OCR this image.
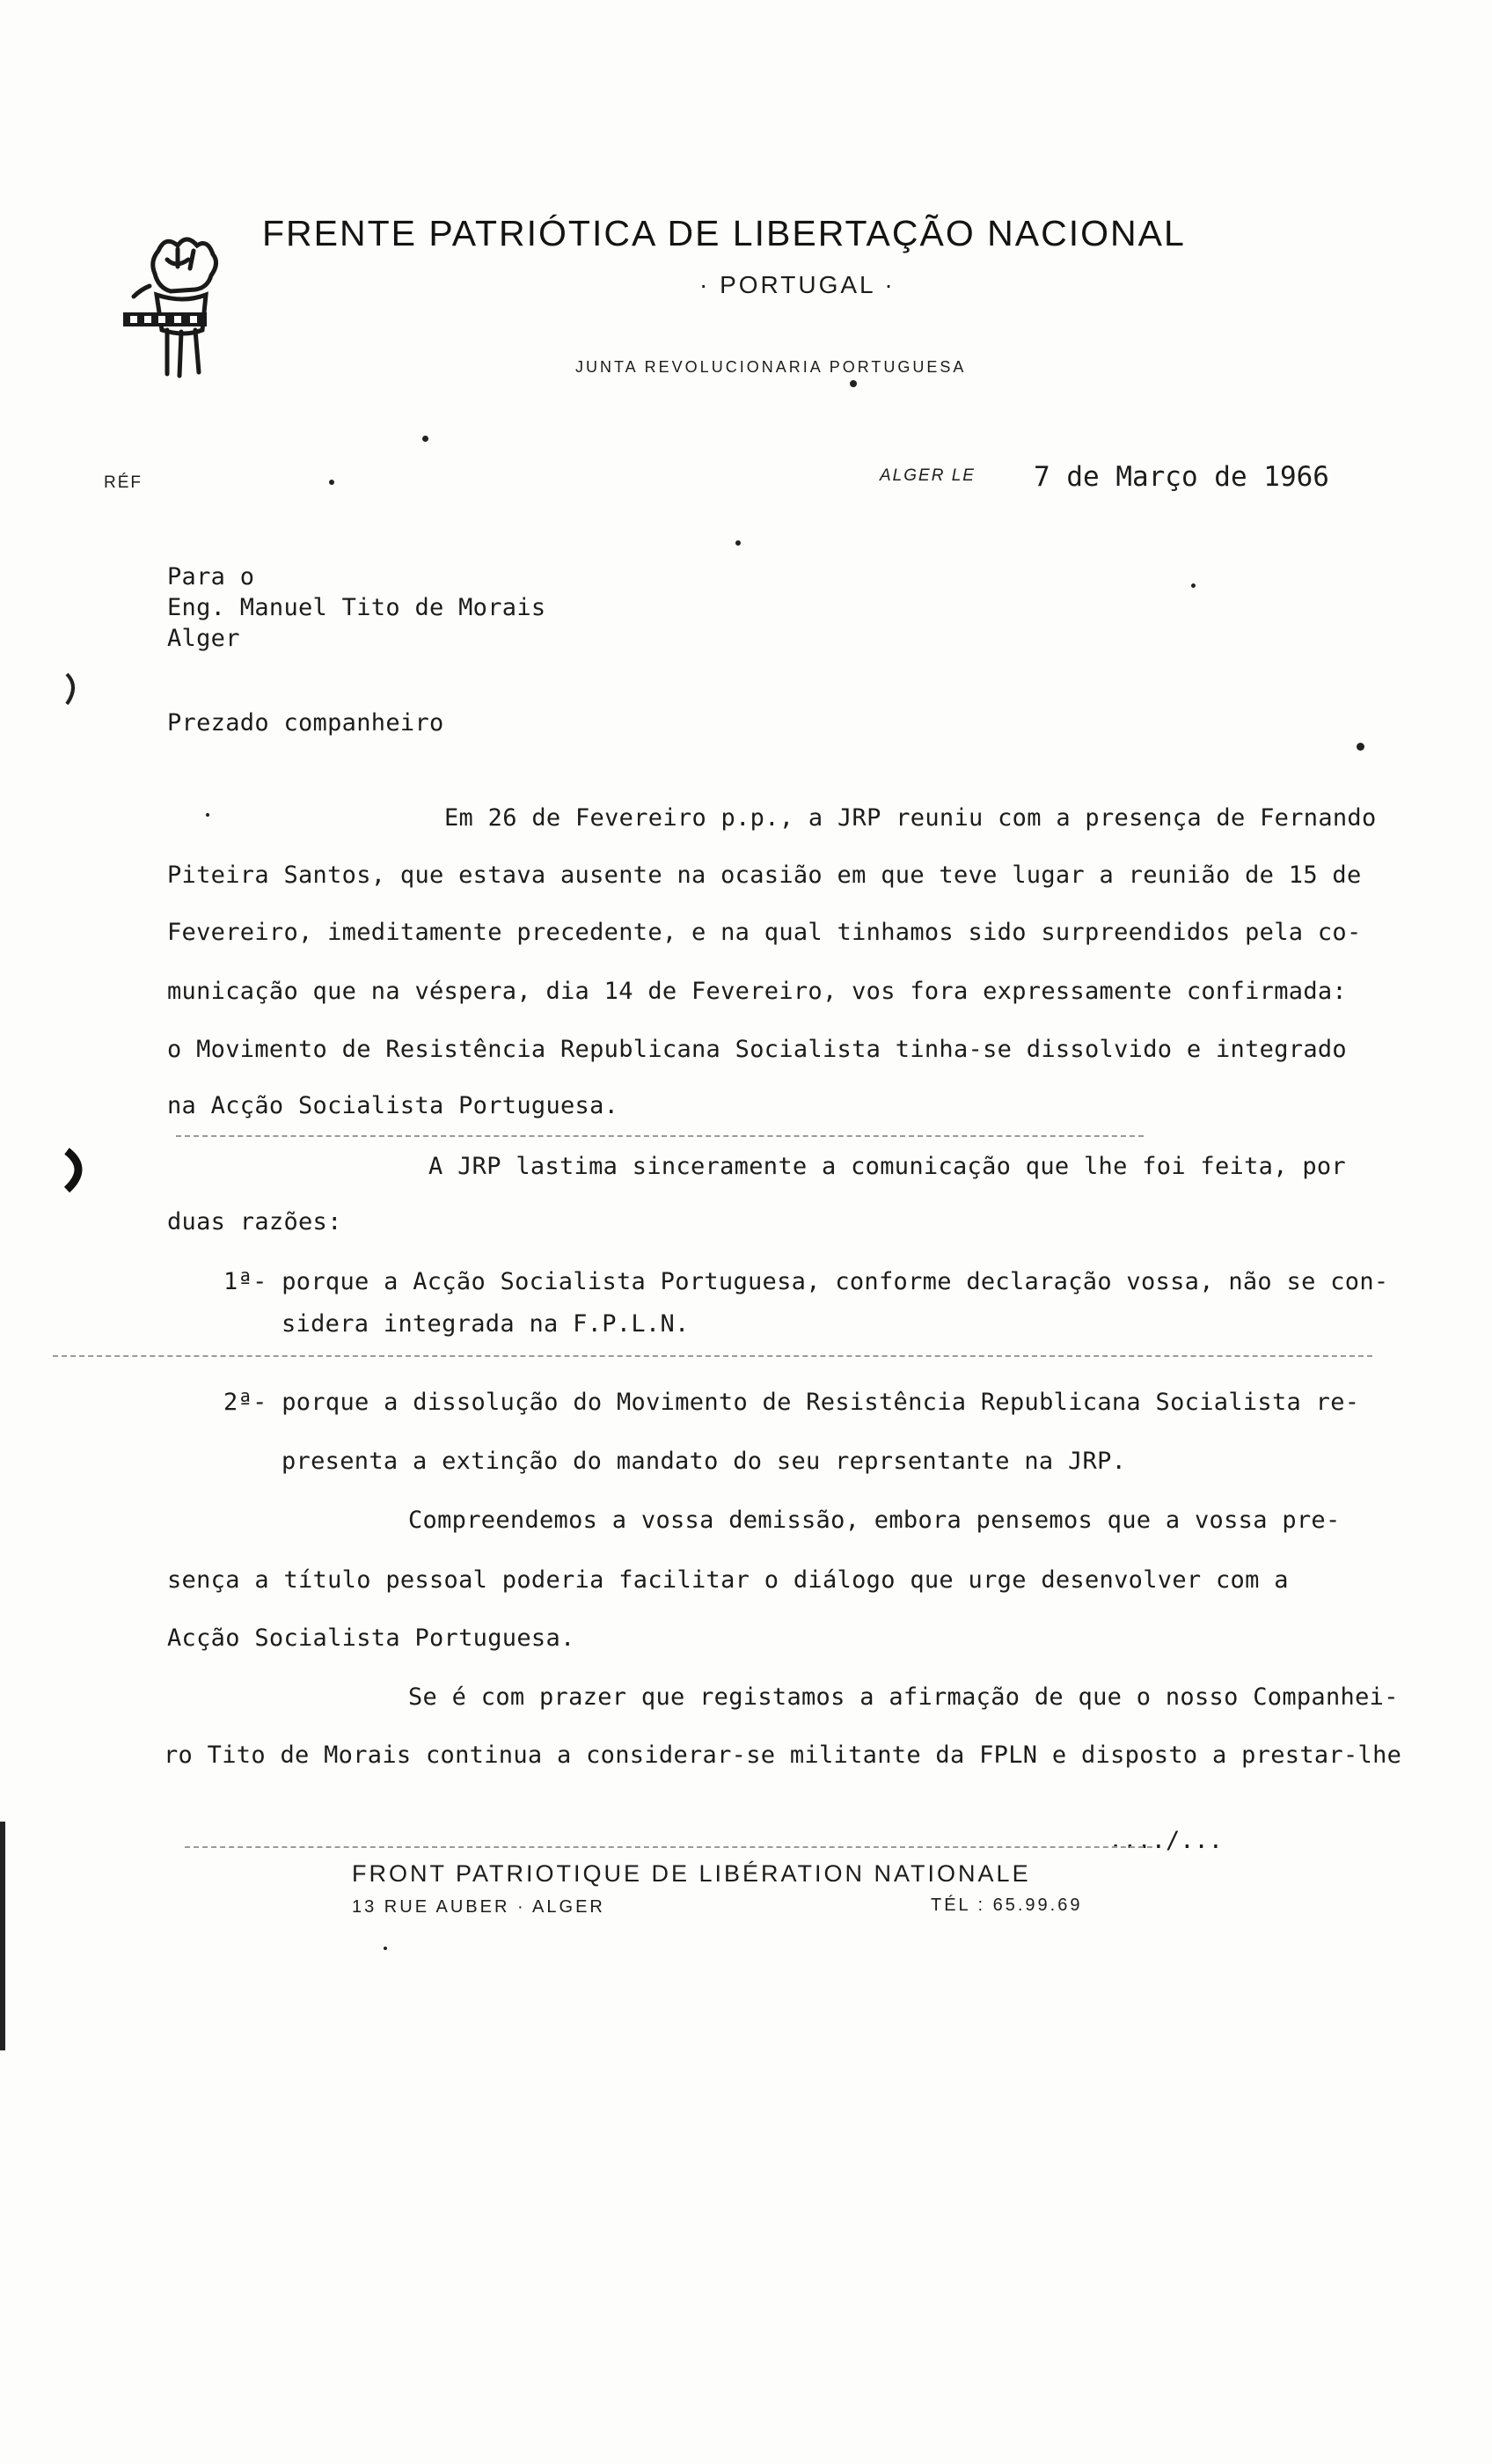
FRENTE PATRIÓTICA DE LIBERTAÇÃO NACIONAL
· PORTUGAL ·
JUNTA REVOLUCIONARIA PORTUGUESA
RÉF	ALGER LE 7 de Março de 1966
Para o
Eng. Manuel Tito de Morais
Alger
Prezado companheiro
Em 26 de Fevereiro p.p., a JRP reuniu com a presença de Fernando
Piteira Santos, que estava ausente na ocasião em que teve lugar a reunião de 15 de
Fevereiro, imeditamente precedente, e na qual tinhamos sido surpreendidos pela co-
municação que na véspera, dia 14 de Fevereiro, vos fora expressamente confirmada:
o Movimento de Resistência Republicana Socialista tinha-se dissolvido e integrado
na Acção Socialista Portuguesa.
A JRP lastima sinceramente a comunicação que lhe foi feita, por
duas razões:
1ª- porque a Acção Socialista Portuguesa, conforme declaração vossa, não se con-
sidera integrada na F.P.L.N.
2ª- porque a dissolução do Movimento de Resistência Republicana Socialista re-
presenta a extinção do mandato do seu reprsentante na JRP.
Compreendemos a vossa demissão, embora pensemos que a vossa pre-
sença a título pessoal poderia facilitar o diálogo que urge desenvolver com a
Acção Socialista Portuguesa.
Se é com prazer que registamos a afirmação de que o nosso Companhei-
ro Tito de Morais continua a considerar-se militante da FPLN e disposto a prestar-lhe
..../...
FRONT PATRIOTIQUE DE LIBÉRATION NATIONALE
13 RUE AUBER · ALGER	TÉL : 65.99.69
